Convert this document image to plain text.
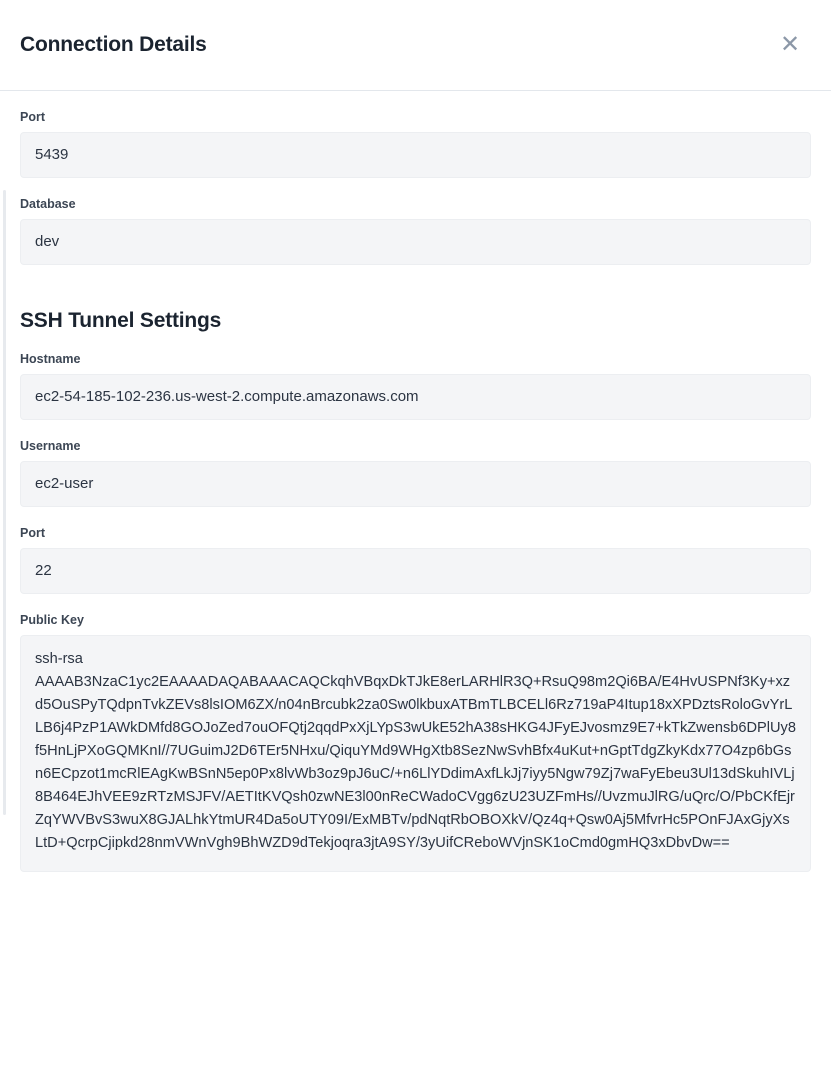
Connection Details	✕
Port
5439
Database
dev
SSH Tunnel Settings
Hostname
ec2-54-185-102-236.us-west-2.compute.amazonaws.com
Username
ec2-user
Port
22
Public Key
ssh-rsa
AAAAB3NzaC1yc2EAAAADAQABAAACAQCkqhVBqxDkTJkE8erLARHlR3Q+RsuQ98m2Qi6BA/E4HvUSPNf3Ky+xzd5OuSPyTQdpnTvkZEVs8lsIOM6ZX/n04nBrcubk2za0Sw0lkbuxATBmTLBCELl6Rz719aP4Itup18xXPDztsRoloGvYrLLB6j4PzP1AWkDMfd8GOJoZed7ouOFQtj2qqdPxXjLYpS3wUkE52hA38sHKG4JFyEJvosmz9E7+kTkZwensb6DPlUy8f5HnLjPXoGQMKnI//7UGuimJ2D6TEr5NHxu/QiquYMd9WHgXtb8SezNwSvhBfx4uKut+nGptTdgZkyKdx77O4zp6bGsn6ECpzot1mcRlEAgKwBSnN5ep0Px8lvWb3oz9pJ6uC/+n6LlYDdimAxfLkJj7iyy5Ngw79Zj7waFyEbeu3Ul13dSkuhIVLj8B464EJhVEE9zRTzMSJFV/AETItKVQsh0zwNE3l00nReCWadoCVgg6zU23UZFmHs//UvzmuJlRG/uQrc/O/PbCKfEjrZqYWVBvS3wuX8GJALhkYtmUR4Da5oUTY09I/ExMBTv/pdNqtRbOBOXkV/Qz4q+Qsw0Aj5MfvrHc5POnFJAxGjyXsLtD+QcrpCjipkd28nmVWnVgh9BhWZD9dTekjoqra3jtA9SY/3yUifCReboWVjnSK1oCmd0gmHQ3xDbvDw==
